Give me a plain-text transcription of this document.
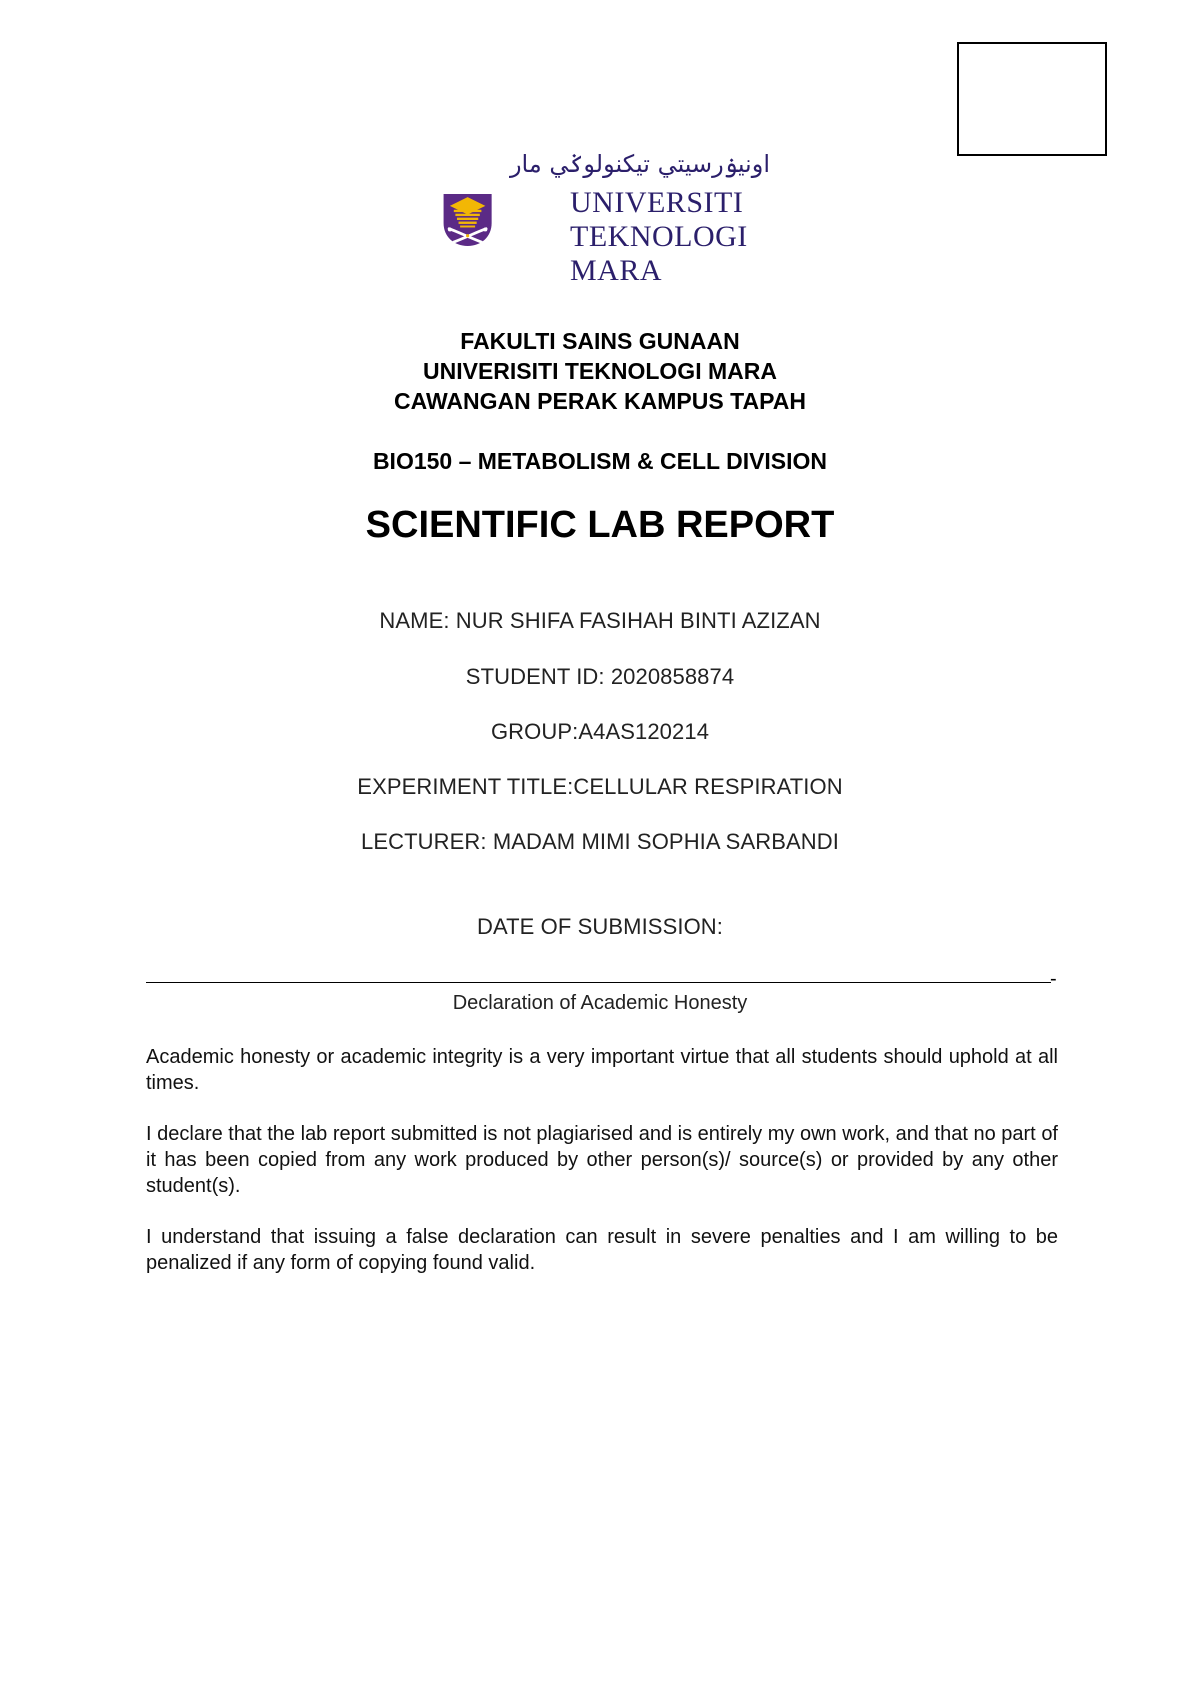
اونيۏرسيتي تيکنولوݢي مار
UNIVERSITI
TEKNOLOGI
MARA
FAKULTI SAINS GUNAAN
UNIVERISITI TEKNOLOGI MARA
CAWANGAN PERAK KAMPUS TAPAH
BIO150 – METABOLISM & CELL DIVISION
SCIENTIFIC LAB REPORT
NAME: NUR SHIFA FASIHAH BINTI AZIZAN
STUDENT ID: 2020858874
GROUP:A4AS120214
EXPERIMENT TITLE:CELLULAR RESPIRATION
LECTURER: MADAM MIMI SOPHIA SARBANDI
DATE OF SUBMISSION:
-
Declaration of Academic Honesty
Academic honesty or academic integrity is a very important virtue that all students should uphold at all times.
I declare that the lab report submitted is not plagiarised and is entirely my own work, and that no part of it has been copied from any work produced by other person(s)/ source(s) or provided by any other student(s).
I understand that issuing a false declaration can result in severe penalties and I am willing to be penalized if any form of copying found valid.
